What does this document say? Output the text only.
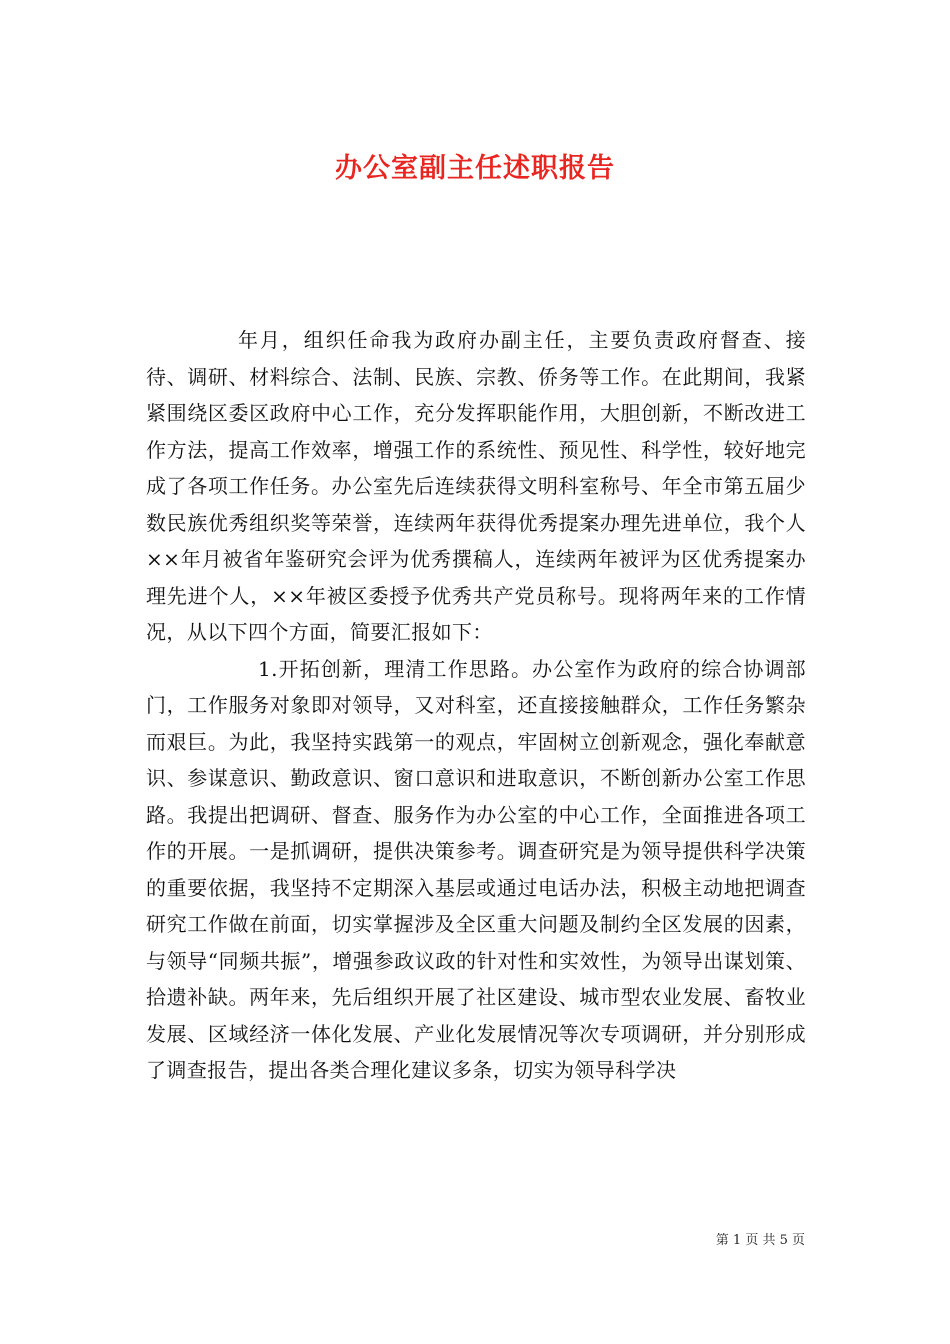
办公室副主任述职报告

年月，组织任命我为政府办副主任，主要负责政府督查、接待、调研、材料综合、法制、民族、宗教、侨务等工作。在此期间，我紧紧围绕区委区政府中心工作，充分发挥职能作用，大胆创新，不断改进工作方法，提高工作效率，增强工作的系统性、预见性、科学性，较好地完成了各项工作任务。办公室先后连续获得文明科室称号、年全市第五届少数民族优秀组织奖等荣誉，连续两年获得优秀提案办理先进单位，我个人××年月被省年鉴研究会评为优秀撰稿人，连续两年被评为区优秀提案办理先进个人，××年被区委授予优秀共产党员称号。现将两年来的工作情况，从以下四个方面，简要汇报如下：

1.开拓创新，理清工作思路。办公室作为政府的综合协调部门，工作服务对象即对领导，又对科室，还直接接触群众，工作任务繁杂而艰巨。为此，我坚持实践第一的观点，牢固树立创新观念，强化奉献意识、参谋意识、勤政意识、窗口意识和进取意识，不断创新办公室工作思路。我提出把调研、督查、服务作为办公室的中心工作，全面推进各项工作的开展。一是抓调研，提供决策参考。调查研究是为领导提供科学决策的重要依据，我坚持不定期深入基层或通过电话办法，积极主动地把调查研究工作做在前面，切实掌握涉及全区重大问题及制约全区发展的因素，与领导“同频共振”，增强参政议政的针对性和实效性，为领导出谋划策、拾遗补缺。两年来，先后组织开展了社区建设、城市型农业发展、畜牧业发展、区域经济一体化发展、产业化发展情况等次专项调研，并分别形成了调查报告，提出各类合理化建议多条，切实为领导科学决

第 1 页 共 5 页
